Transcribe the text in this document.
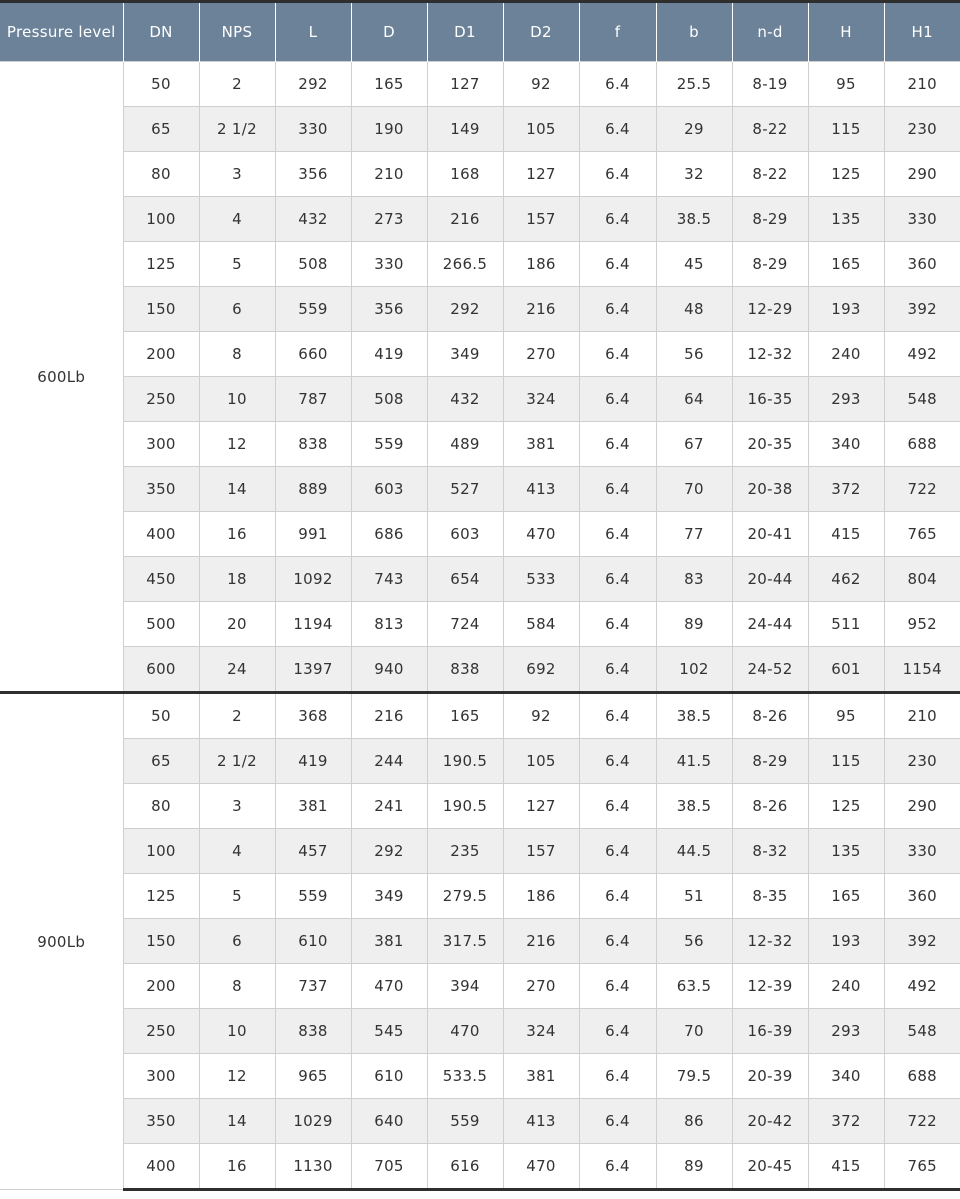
Pressure level	DN	NPS	L	D	D1	D2	f	b	n-d	H	H1
600Lb	50	2	292	165	127	92	6.4	25.5	8-19	95	210
	65	2 1/2	330	190	149	105	6.4	29	8-22	115	230
	80	3	356	210	168	127	6.4	32	8-22	125	290
	100	4	432	273	216	157	6.4	38.5	8-29	135	330
	125	5	508	330	266.5	186	6.4	45	8-29	165	360
	150	6	559	356	292	216	6.4	48	12-29	193	392
	200	8	660	419	349	270	6.4	56	12-32	240	492
	250	10	787	508	432	324	6.4	64	16-35	293	548
	300	12	838	559	489	381	6.4	67	20-35	340	688
	350	14	889	603	527	413	6.4	70	20-38	372	722
	400	16	991	686	603	470	6.4	77	20-41	415	765
	450	18	1092	743	654	533	6.4	83	20-44	462	804
	500	20	1194	813	724	584	6.4	89	24-44	511	952
	600	24	1397	940	838	692	6.4	102	24-52	601	1154
900Lb	50	2	368	216	165	92	6.4	38.5	8-26	95	210
	65	2 1/2	419	244	190.5	105	6.4	41.5	8-29	115	230
	80	3	381	241	190.5	127	6.4	38.5	8-26	125	290
	100	4	457	292	235	157	6.4	44.5	8-32	135	330
	125	5	559	349	279.5	186	6.4	51	8-35	165	360
	150	6	610	381	317.5	216	6.4	56	12-32	193	392
	200	8	737	470	394	270	6.4	63.5	12-39	240	492
	250	10	838	545	470	324	6.4	70	16-39	293	548
	300	12	965	610	533.5	381	6.4	79.5	20-39	340	688
	350	14	1029	640	559	413	6.4	86	20-42	372	722
	400	16	1130	705	616	470	6.4	89	20-45	415	765
